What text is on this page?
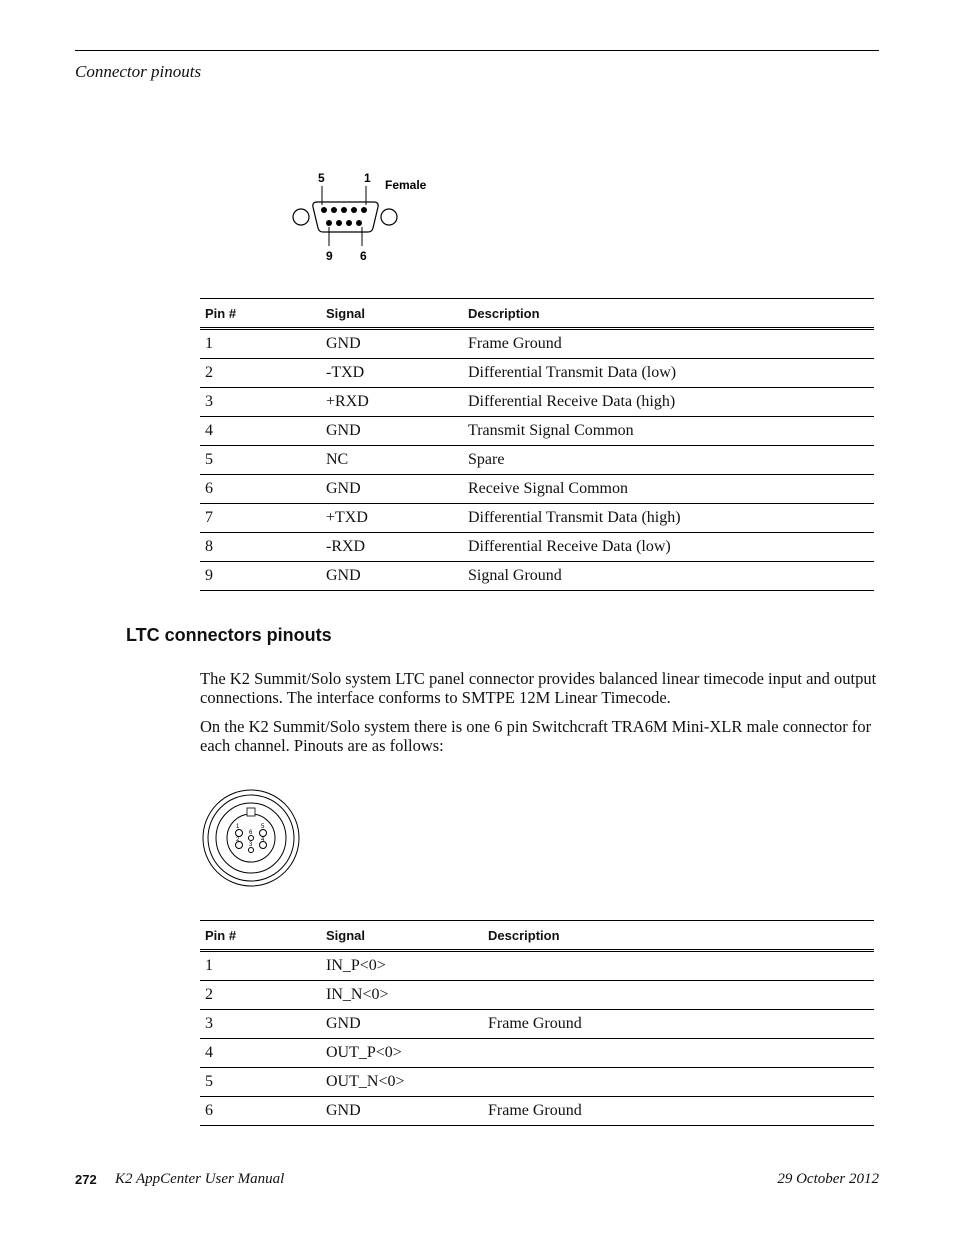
Connector pinouts
5	1
9 6
Female
Pin #	Signal	Description
1	GND	Frame Ground
2	-TXD	Differential Transmit Data (low)
3	+RXD	Differential Receive Data (high)
4	GND	Transmit Signal Common
5	NC	Spare
6	GND	Receive Signal Common
7	+TXD	Differential Transmit Data (high)
8	-RXD	Differential Receive Data (low)
9	GND	Signal Ground
LTC connectors pinouts
The K2 Summit/Solo system LTC panel connector provides balanced linear timecode input and output connections. The interface conforms to SMTPE 12M Linear Timecode.
On the K2 Summit/Solo system there is one 6 pin Switchcraft TRA6M Mini-XLR male connector for each channel. Pinouts are as follows:
1
2
3
4
5
6
Pin #	Signal	Description
1	IN_P<0>	
2	IN_N<0>	
3	GND	Frame Ground
4	OUT_P<0>	
5	OUT_N<0>	
6	GND	Frame Ground
272 K2 AppCenter User Manual	29 October 2012
